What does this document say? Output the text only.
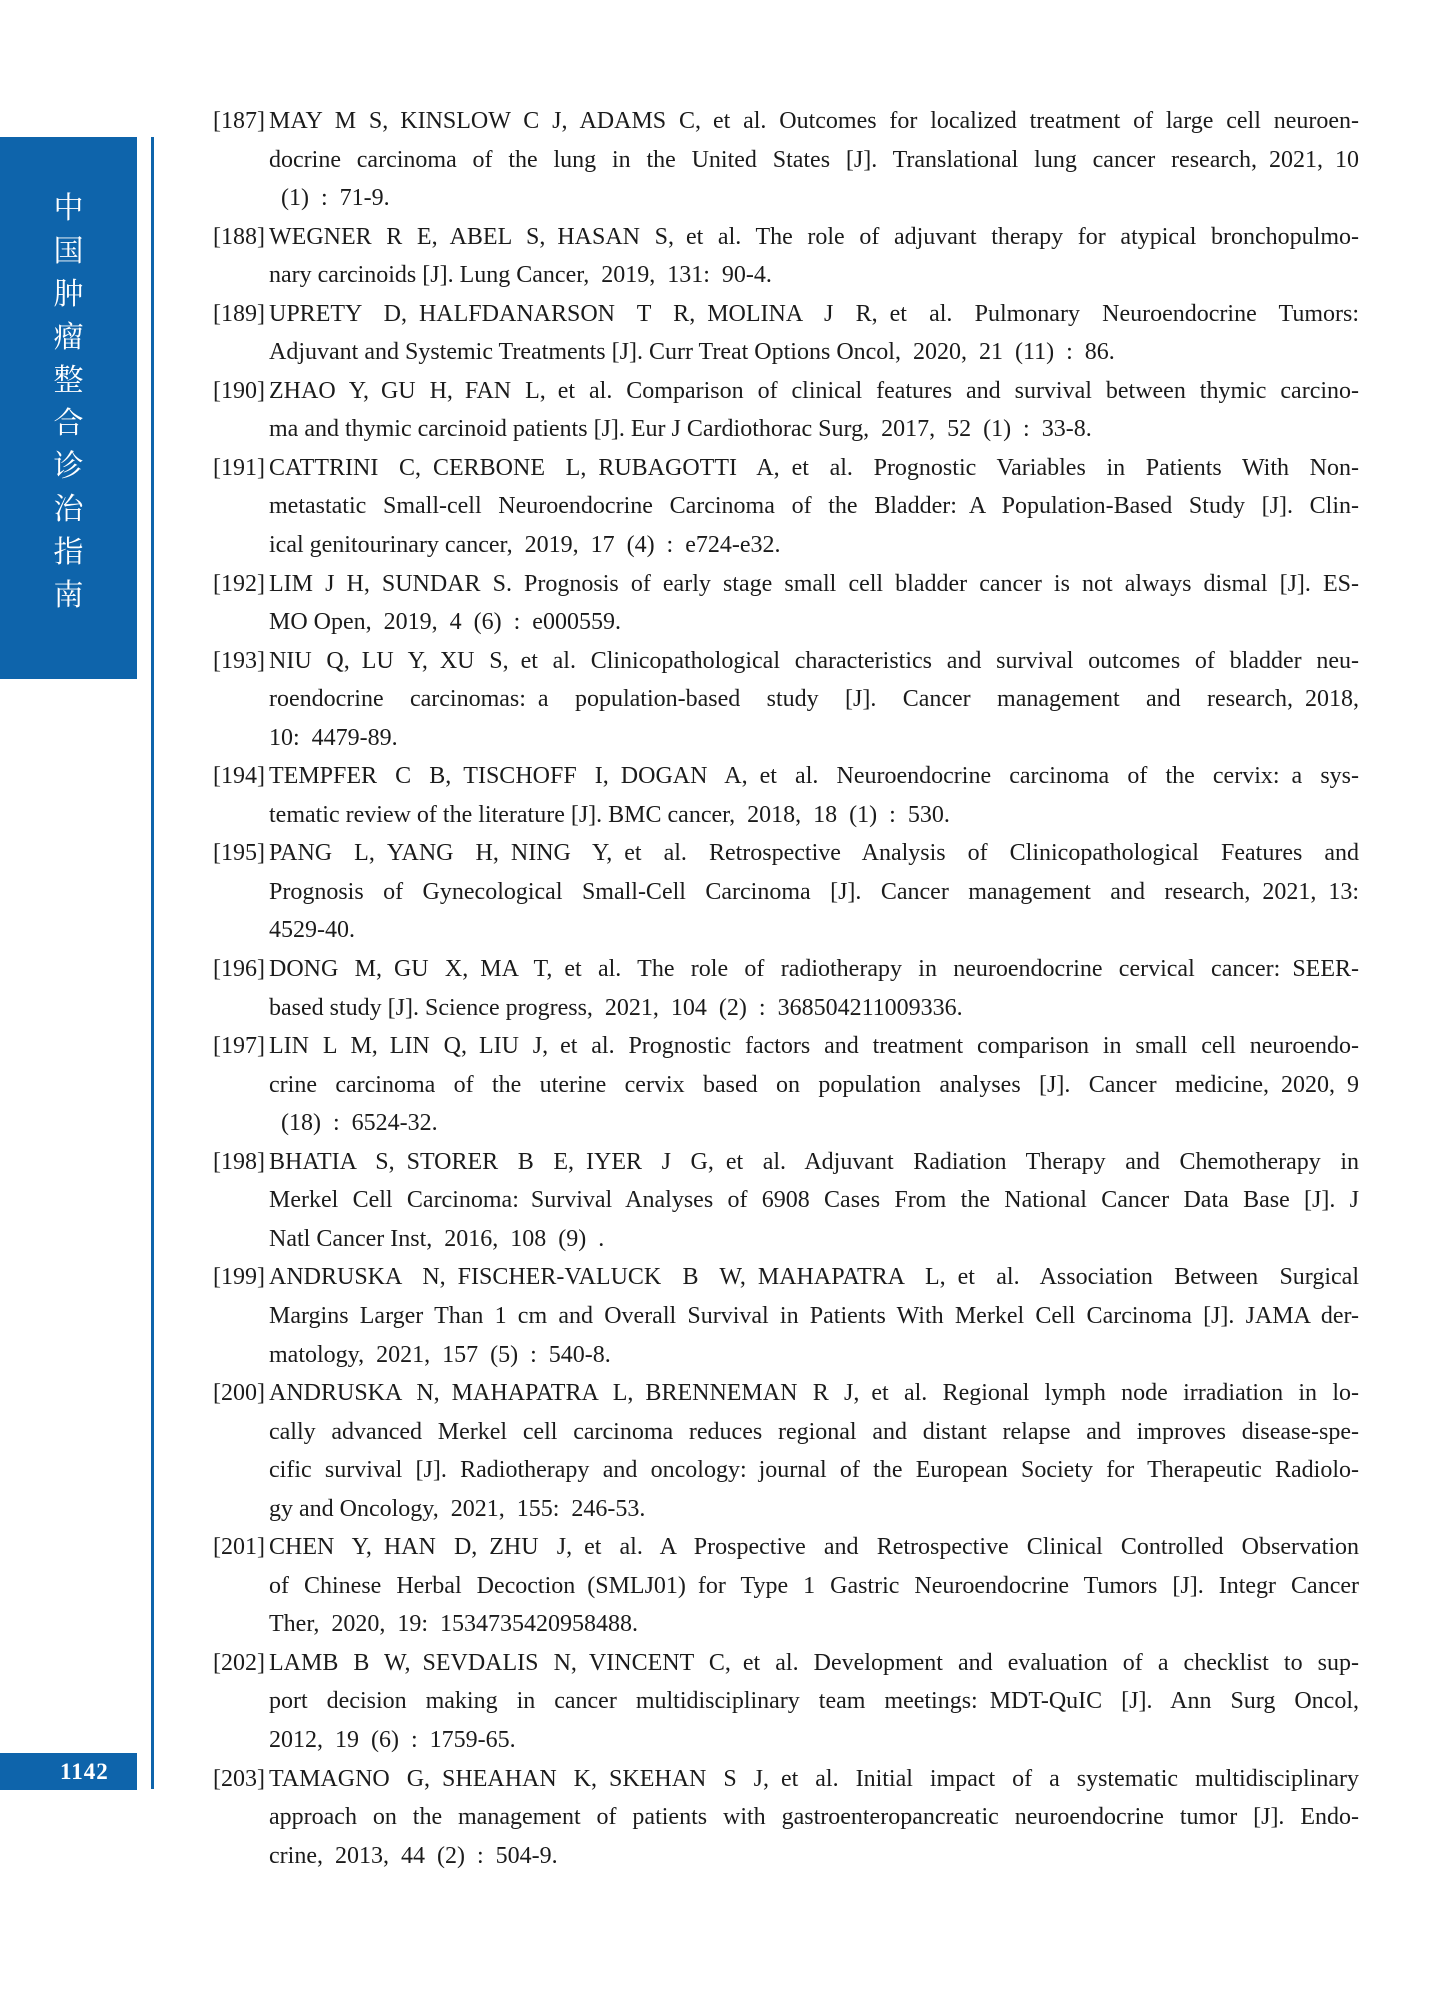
中
国
肿
瘤
整
合
诊
治
指
南
[187] MAY M S, KINSLOW C J, ADAMS C, et al. Outcomes for localized treatment of large cell neuroen-
docrine carcinoma of the lung in the United States [J]. Translational lung cancer research, 2021, 10
 (1) : 71-9.
[188] WEGNER R E, ABEL S, HASAN S, et al. The role of adjuvant therapy for atypical bronchopulmo-
nary carcinoids [J]. Lung Cancer, 2019, 131: 90-4.
[189] UPRETY D, HALFDANARSON T R, MOLINA J R, et al. Pulmonary Neuroendocrine Tumors:
Adjuvant and Systemic Treatments [J]. Curr Treat Options Oncol, 2020, 21 (11) : 86.
[190] ZHAO Y, GU H, FAN L, et al. Comparison of clinical features and survival between thymic carcino-
ma and thymic carcinoid patients [J]. Eur J Cardiothorac Surg, 2017, 52 (1) : 33-8.
[191] CATTRINI C, CERBONE L, RUBAGOTTI A, et al. Prognostic Variables in Patients With Non-
metastatic Small-cell Neuroendocrine Carcinoma of the Bladder: A Population-Based Study [J]. Clin-
ical genitourinary cancer, 2019, 17 (4) : e724-e32.
[192] LIM J H, SUNDAR S. Prognosis of early stage small cell bladder cancer is not always dismal [J]. ES-
MO Open, 2019, 4 (6) : e000559.
[193] NIU Q, LU Y, XU S, et al. Clinicopathological characteristics and survival outcomes of bladder neu-
roendocrine carcinomas: a population-based study [J]. Cancer management and research, 2018,
10: 4479-89.
[194] TEMPFER C B, TISCHOFF I, DOGAN A, et al. Neuroendocrine carcinoma of the cervix: a sys-
tematic review of the literature [J]. BMC cancer, 2018, 18 (1) : 530.
[195] PANG L, YANG H, NING Y, et al. Retrospective Analysis of Clinicopathological Features and
Prognosis of Gynecological Small-Cell Carcinoma [J]. Cancer management and research, 2021, 13:
4529-40.
[196] DONG M, GU X, MA T, et al. The role of radiotherapy in neuroendocrine cervical cancer: SEER-
based study [J]. Science progress, 2021, 104 (2) : 368504211009336.
[197] LIN L M, LIN Q, LIU J, et al. Prognostic factors and treatment comparison in small cell neuroendo-
crine carcinoma of the uterine cervix based on population analyses [J]. Cancer medicine, 2020, 9
 (18) : 6524-32.
[198] BHATIA S, STORER B E, IYER J G, et al. Adjuvant Radiation Therapy and Chemotherapy in
Merkel Cell Carcinoma: Survival Analyses of 6908 Cases From the National Cancer Data Base [J]. J
Natl Cancer Inst, 2016, 108 (9) .
[199] ANDRUSKA N, FISCHER-VALUCK B W, MAHAPATRA L, et al. Association Between Surgical
Margins Larger Than 1 cm and Overall Survival in Patients With Merkel Cell Carcinoma [J]. JAMA der-
matology, 2021, 157 (5) : 540-8.
[200] ANDRUSKA N, MAHAPATRA L, BRENNEMAN R J, et al. Regional lymph node irradiation in lo-
cally advanced Merkel cell carcinoma reduces regional and distant relapse and improves disease-spe-
cific survival [J]. Radiotherapy and oncology: journal of the European Society for Therapeutic Radiolo-
gy and Oncology, 2021, 155: 246-53.
[201] CHEN Y, HAN D, ZHU J, et al. A Prospective and Retrospective Clinical Controlled Observation
of Chinese Herbal Decoction (SMLJ01) for Type 1 Gastric Neuroendocrine Tumors [J]. Integr Cancer
Ther, 2020, 19: 1534735420958488.
[202] LAMB B W, SEVDALIS N, VINCENT C, et al. Development and evaluation of a checklist to sup-
port decision making in cancer multidisciplinary team meetings: MDT-QuIC [J]. Ann Surg Oncol,
2012, 19 (6) : 1759-65.
[203] TAMAGNO G, SHEAHAN K, SKEHAN S J, et al. Initial impact of a systematic multidisciplinary
approach on the management of patients with gastroenteropancreatic neuroendocrine tumor [J]. Endo-
crine, 2013, 44 (2) : 504-9.
1142
